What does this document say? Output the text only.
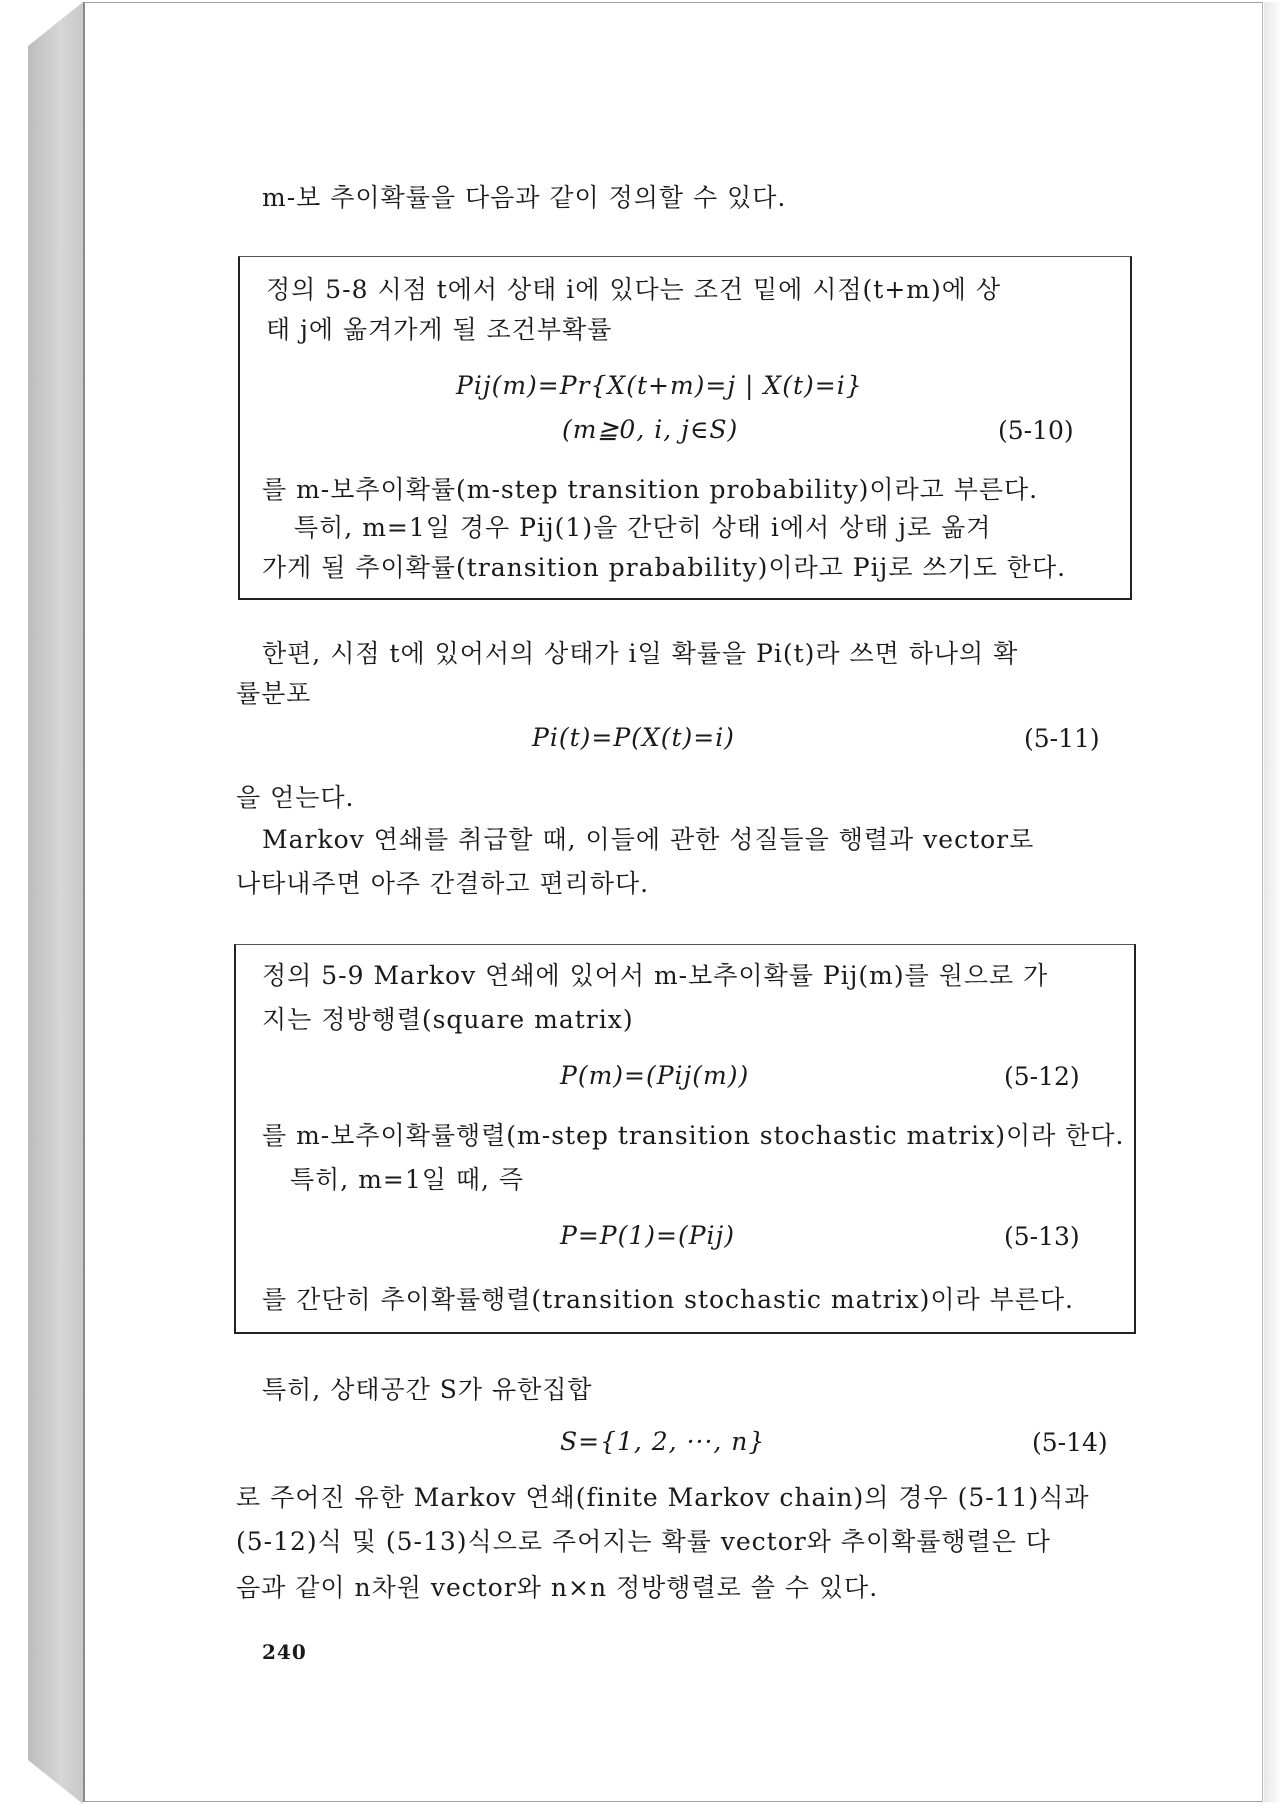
m-보 추이확률을 다음과 같이 정의할 수 있다.
정의 5-8 시점 t에서 상태 i에 있다는 조건 밑에 시점(t+m)에 상
태 j에 옮겨가게 될 조건부확률
Pij(m)=Pr{X(t+m)=j | X(t)=i}
(m≧0, i, j∈S)	(5-10)
를 m-보추이확률(m-step transition probability)이라고 부른다.
특히, m=1일 경우 Pij(1)을 간단히 상태 i에서 상태 j로 옮겨
가게 될 추이확률(transition prabability)이라고 Pij로 쓰기도 한다.
한편, 시점 t에 있어서의 상태가 i일 확률을 Pi(t)라 쓰면 하나의 확
률분포
Pi(t)=P(X(t)=i)	(5-11)
을 얻는다.
Markov 연쇄를 취급할 때, 이들에 관한 성질들을 행렬과 vector로
나타내주면 아주 간결하고 편리하다.
정의 5-9 Markov 연쇄에 있어서 m-보추이확률 Pij(m)를 원으로 가
지는 정방행렬(square matrix)
P(m)=(Pij(m))	(5-12)
를 m-보추이확률행렬(m-step transition stochastic matrix)이라 한다.
특히, m=1일 때, 즉
P=P(1)=(Pij)	(5-13)
를 간단히 추이확률행렬(transition stochastic matrix)이라 부른다.
특히, 상태공간 S가 유한집합
S={1, 2, ···, n}	(5-14)
로 주어진 유한 Markov 연쇄(finite Markov chain)의 경우 (5-11)식과
(5-12)식 및 (5-13)식으로 주어지는 확률 vector와 추이확률행렬은 다
음과 같이 n차원 vector와 n×n 정방행렬로 쓸 수 있다.
240
